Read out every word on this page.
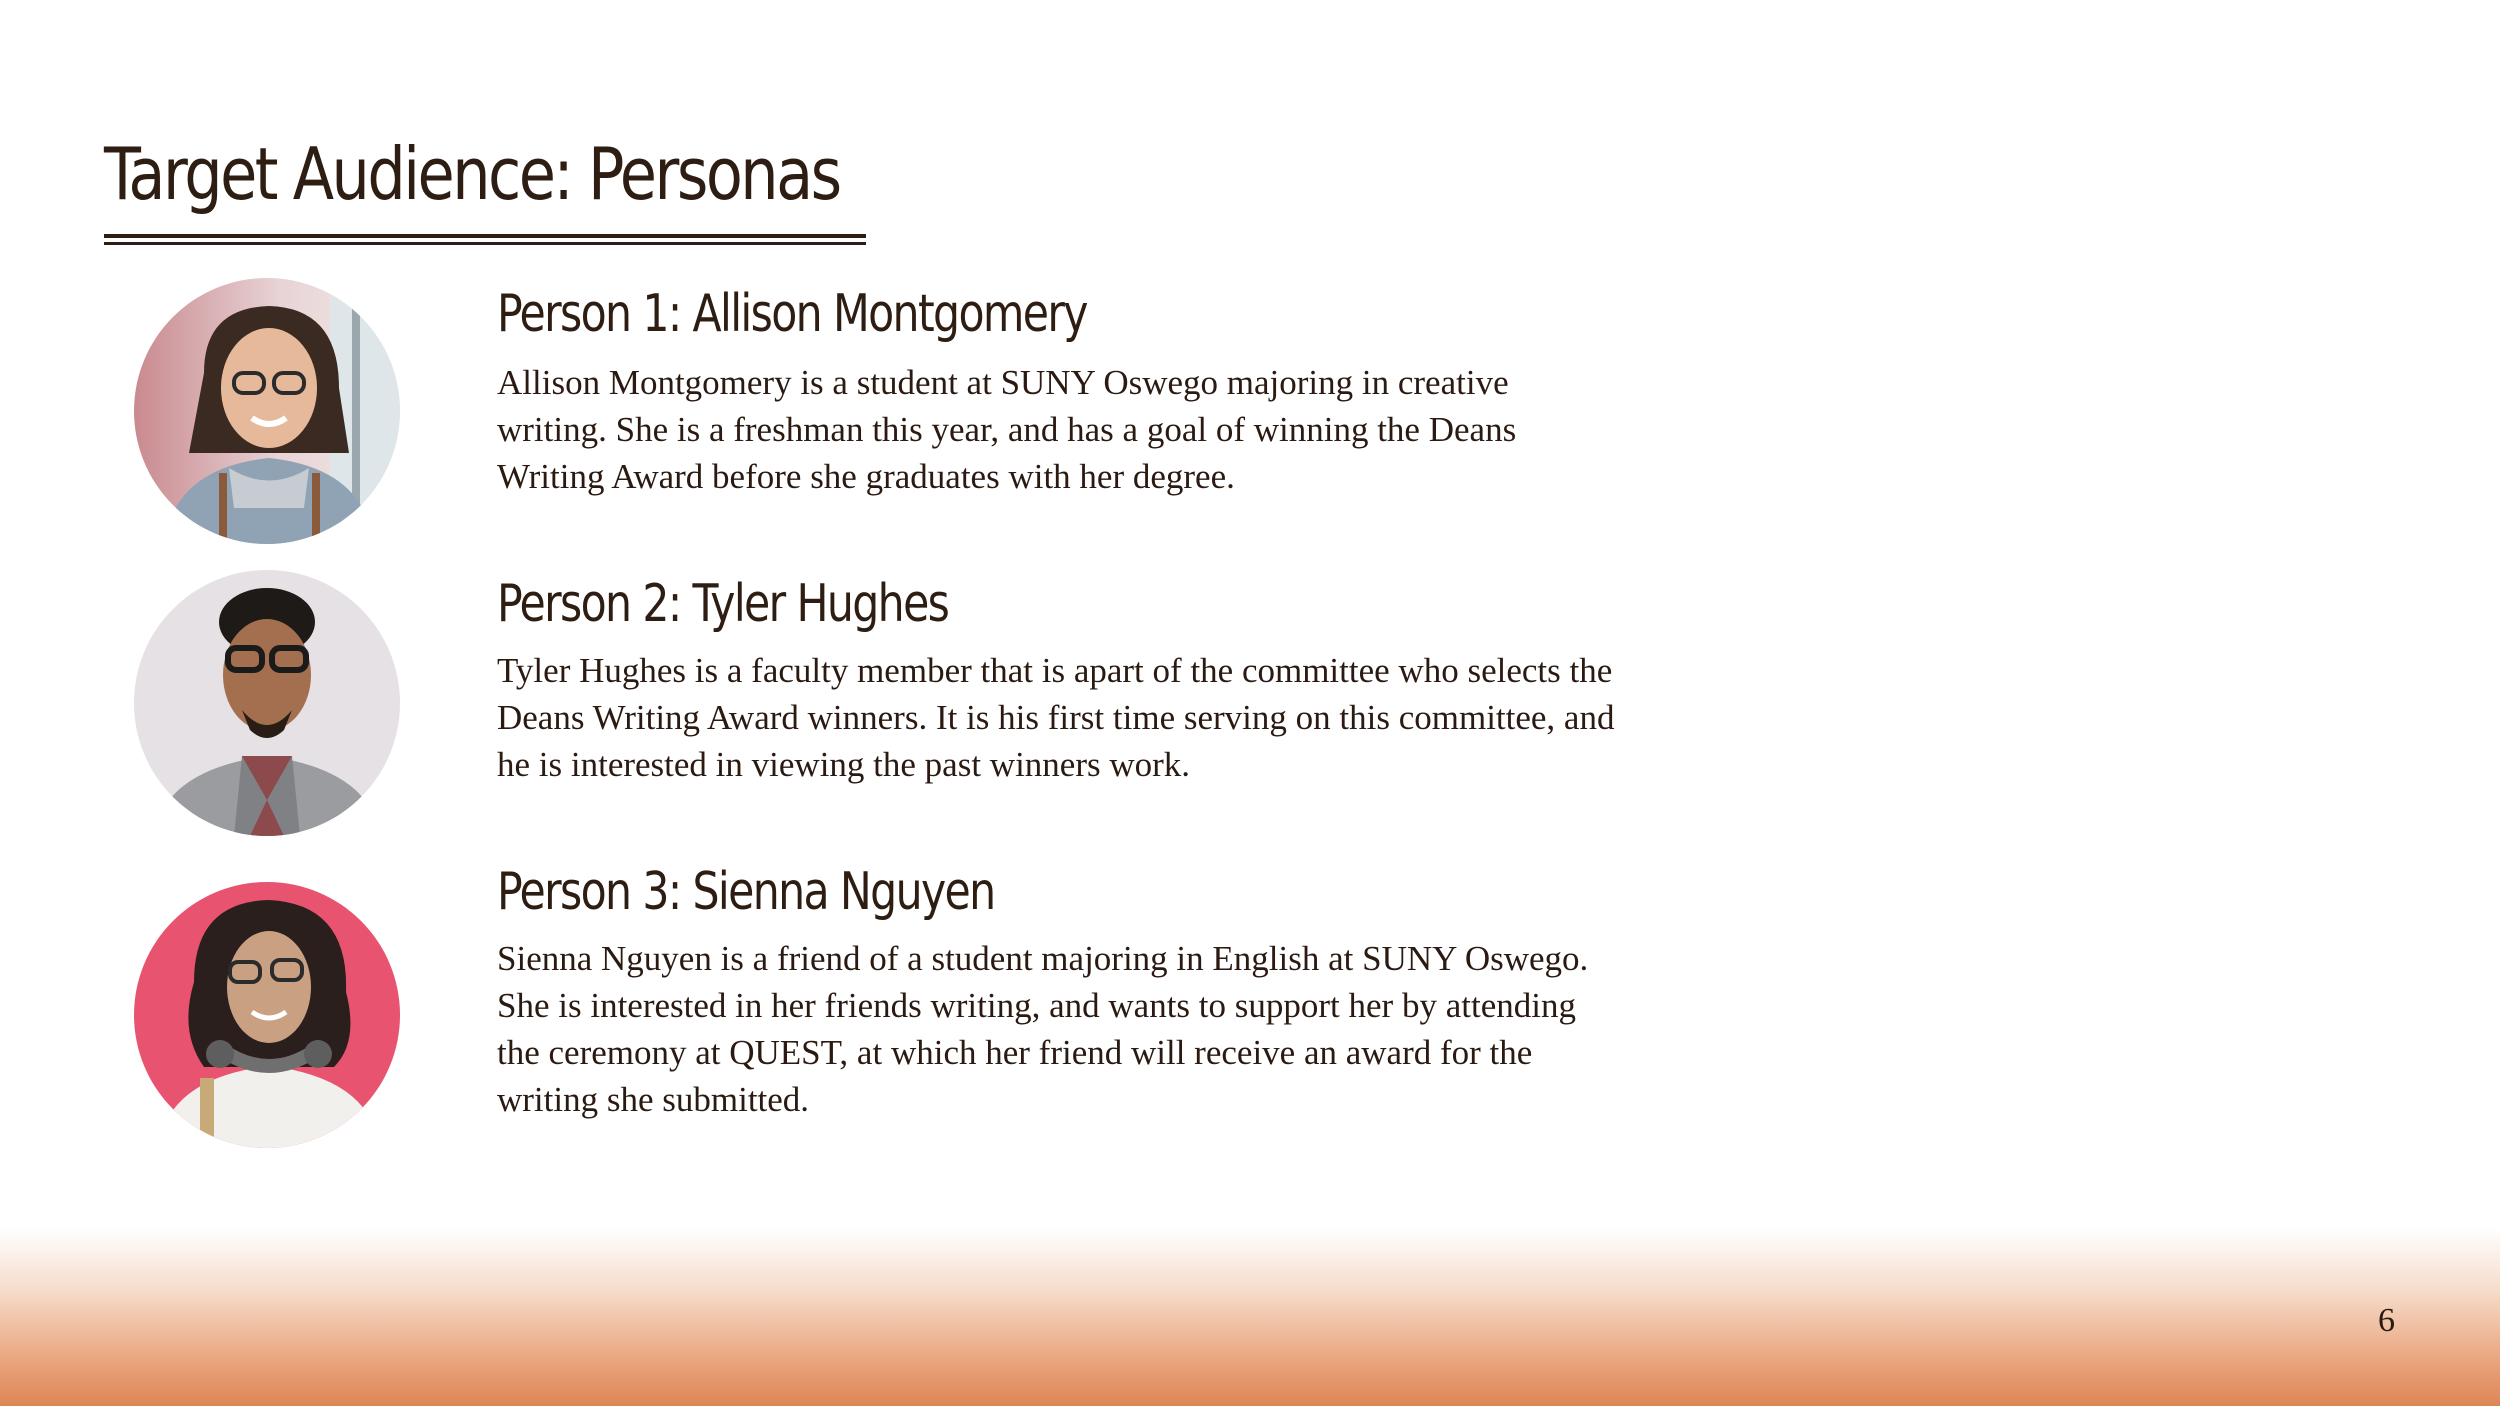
Target Audience: Personas
Person 1: Allison Montgomery

Allison Montgomery is a student at SUNY Oswego majoring in creative writing. She is a freshman this year, and has a goal of winning the Deans Writing Award before she graduates with her degree.

Person 2: Tyler Hughes

Tyler Hughes is a faculty member that is apart of the committee who selects the Deans Writing Award winners. It is his first time serving on this committee, and he is interested in viewing the past winners work.

Person 3: Sienna Nguyen

Sienna Nguyen is a friend of a student majoring in English at SUNY Oswego. She is interested in her friends writing, and wants to support her by attending the ceremony at QUEST, at which her friend will receive an award for the writing she submitted.

6
